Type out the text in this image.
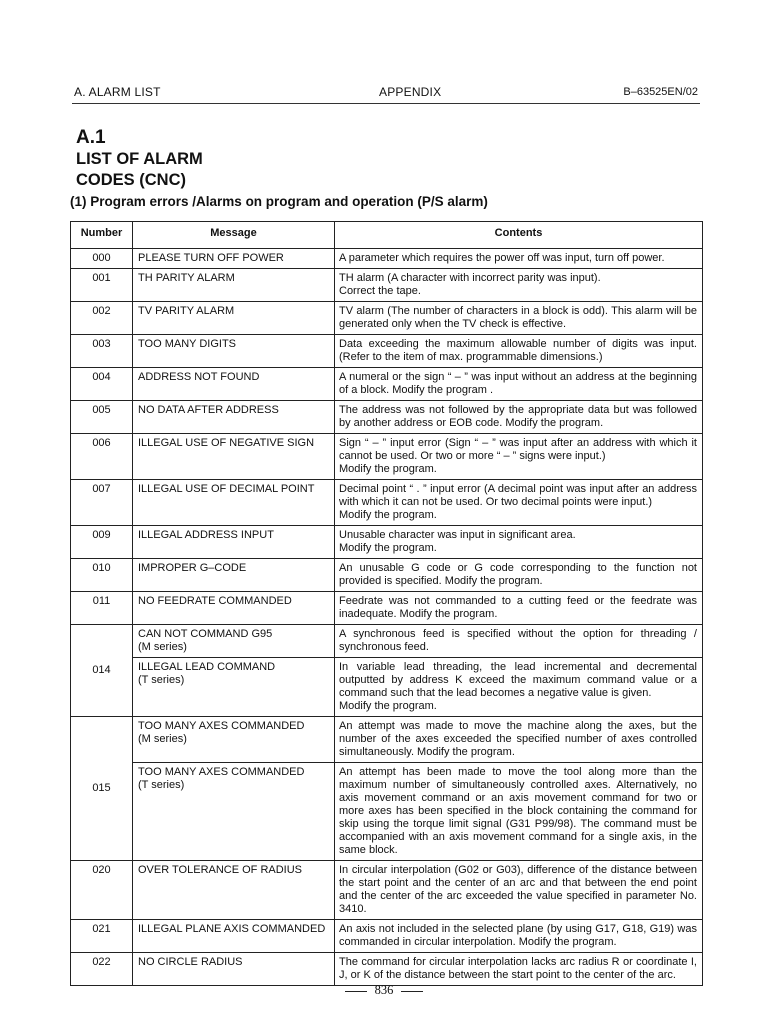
A. ALARM LIST	APPENDIX	B–63525EN/02
A.1
LIST OF ALARM
CODES (CNC)
(1) Program errors /Alarms on program and operation (P/S alarm)
Number	Message	Contents
000	PLEASE TURN OFF POWER	A parameter which requires the power off was input, turn off power.

001	TH PARITY ALARM	TH alarm (A character with incorrect parity was input).
Correct the tape.

002	TV PARITY ALARM	TV alarm (The number of characters in a block is odd). This alarm will be generated only when the TV check is effective.

003	TOO MANY DIGITS	Data exceeding the maximum allowable number of digits was input. (Refer to the item of max. programmable dimensions.)

004	ADDRESS NOT FOUND	A numeral or the sign “ – ” was input without an address at the beginning of a block. Modify the program .

005	NO DATA AFTER ADDRESS	The address was not followed by the appropriate data but was followed by another address or EOB code. Modify the program.

006	ILLEGAL USE OF NEGATIVE SIGN	Sign “ – ” input error (Sign “ – ” was input after an address with which it cannot be used. Or two or more “ – ” signs were input.)
Modify the program.

007	ILLEGAL USE OF DECIMAL POINT	Decimal point “ . ” input error (A decimal point was input after an address with which it can not be used. Or two decimal points were input.)
Modify the program.

009	ILLEGAL ADDRESS INPUT	Unusable character was input in significant area.
Modify the program.

010	IMPROPER G–CODE	An unusable G code or G code corresponding to the function not provided is specified. Modify the program.

011	NO FEEDRATE COMMANDED	Feedrate was not commanded to a cutting feed or the feedrate was inadequate. Modify the program.

014	CAN NOT COMMAND G95
(M series)	A synchronous feed is specified without the option for threading / synchronous feed.

	ILLEGAL LEAD COMMAND
(T series)	In variable lead threading, the lead incremental and decremental outputted by address K exceed the maximum command value or a command such that the lead becomes a negative value is given.
Modify the program.

015	TOO MANY AXES COMMANDED
(M series)	An attempt was made to move the machine along the axes, but the number of the axes exceeded the specified number of axes controlled simultaneously. Modify the program.

	TOO MANY AXES COMMANDED
(T series)	An attempt has been made to move the tool along more than the maximum number of simultaneously controlled axes. Alternatively, no axis movement command or an axis movement command for two or more axes has been specified in the block containing the command for skip using the torque limit signal (G31 P99/98). The command must be accompanied with an axis movement command for a single axis, in the same block.

020	OVER TOLERANCE OF RADIUS	In circular interpolation (G02 or G03), difference of the distance between the start point and the center of an arc and that between the end point and the center of the arc exceeded the value specified in parameter No. 3410.

021	ILLEGAL PLANE AXIS COMMANDED	An axis not included in the selected plane (by using G17, G18, G19) was commanded in circular interpolation. Modify the program.

022	NO CIRCLE RADIUS	The command for circular interpolation lacks arc radius R or coordinate I, J, or K of the distance between the start point to the center of the arc.
836
